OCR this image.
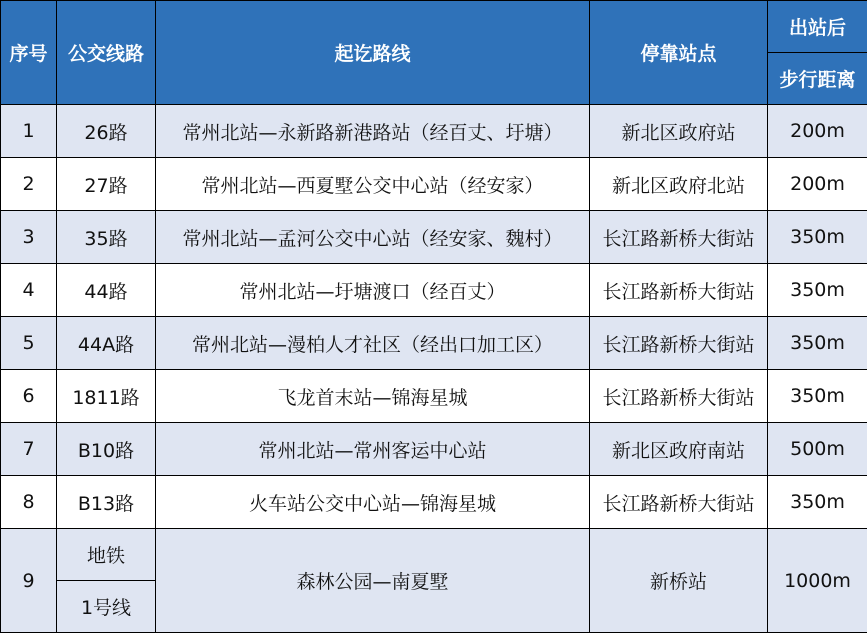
序号	公交线路	起讫路线	停靠站点	出站后
				步行距离
1	26路	常州北站—永新路新港路站（经百丈、圩塘）	新北区政府站	200m
2	27路	常州北站—西夏墅公交中心站（经安家）	新北区政府北站	200m
3	35路	常州北站—孟河公交中心站（经安家、魏村）	长江路新桥大街站	350m
4	44路	常州北站—圩塘渡口（经百丈）	长江路新桥大街站	350m
5	44A路	常州北站—漫柏人才社区（经出口加工区）	长江路新桥大街站	350m
6	1811路	飞龙首末站—锦海星城	长江路新桥大街站	350m
7	B10路	常州北站—常州客运中心站	新北区政府南站	500m
8	B13路	火车站公交中心站—锦海星城	长江路新桥大街站	350m
9	地铁	森林公园—南夏墅	新桥站	1000m
	1号线			
